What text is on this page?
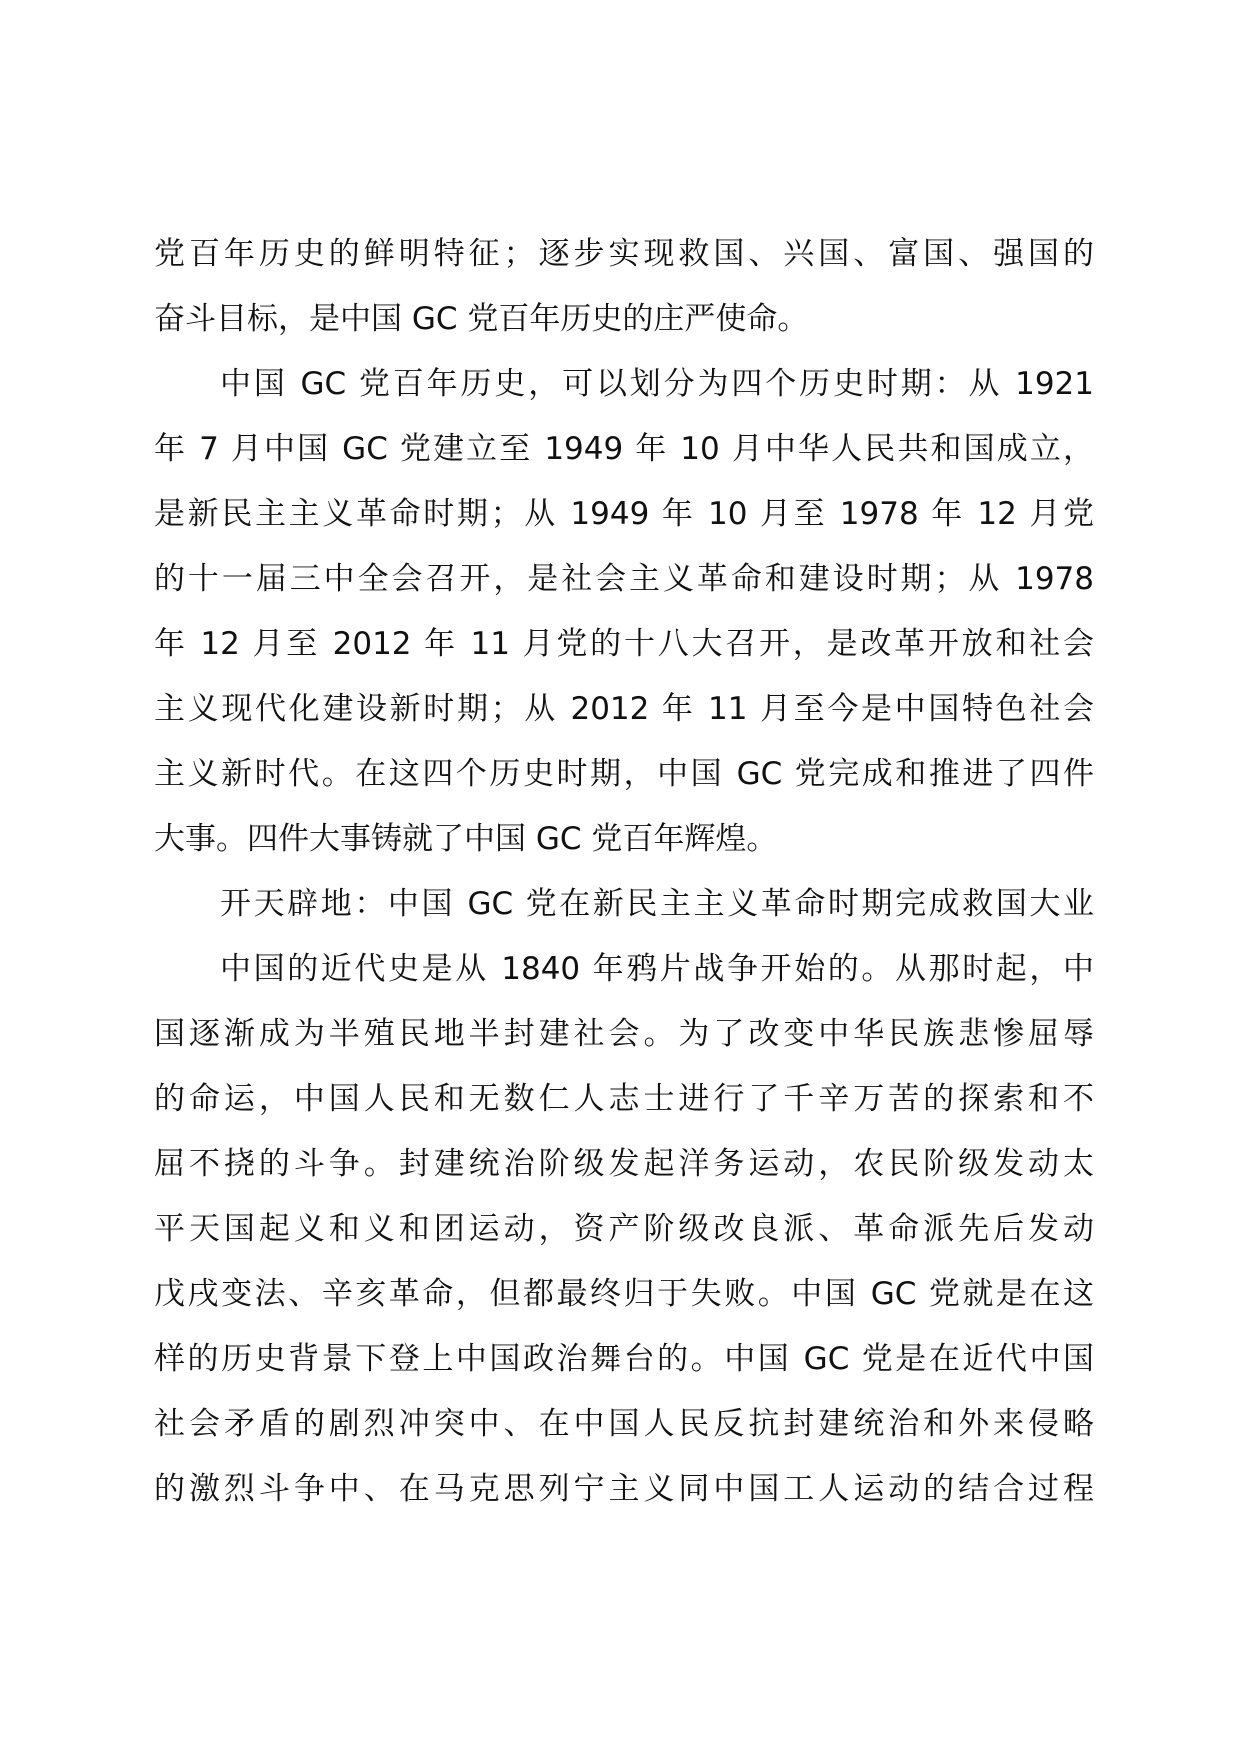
党百年历史的鲜明特征；逐步实现救国、兴国、富国、强国的
奋斗目标，是中国 GC 党百年历史的庄严使命。
中国 GC 党百年历史，可以划分为四个历史时期：从 1921
年 7 月中国 GC 党建立至 1949 年 10 月中华人民共和国成立，
是新民主主义革命时期；从 1949 年 10 月至 1978 年 12 月党
的十一届三中全会召开，是社会主义革命和建设时期；从 1978
年 12 月至 2012 年 11 月党的十八大召开，是改革开放和社会
主义现代化建设新时期；从 2012 年 11 月至今是中国特色社会
主义新时代。在这四个历史时期，中国 GC 党完成和推进了四件
大事。四件大事铸就了中国 GC 党百年辉煌。
开天辟地：中国 GC 党在新民主主义革命时期完成救国大业
中国的近代史是从 1840 年鸦片战争开始的。从那时起，中
国逐渐成为半殖民地半封建社会。为了改变中华民族悲惨屈辱
的命运，中国人民和无数仁人志士进行了千辛万苦的探索和不
屈不挠的斗争。封建统治阶级发起洋务运动，农民阶级发动太
平天国起义和义和团运动，资产阶级改良派、革命派先后发动
戊戌变法、辛亥革命，但都最终归于失败。中国 GC 党就是在这
样的历史背景下登上中国政治舞台的。中国 GC 党是在近代中国
社会矛盾的剧烈冲突中、在中国人民反抗封建统治和外来侵略
的激烈斗争中、在马克思列宁主义同中国工人运动的结合过程
